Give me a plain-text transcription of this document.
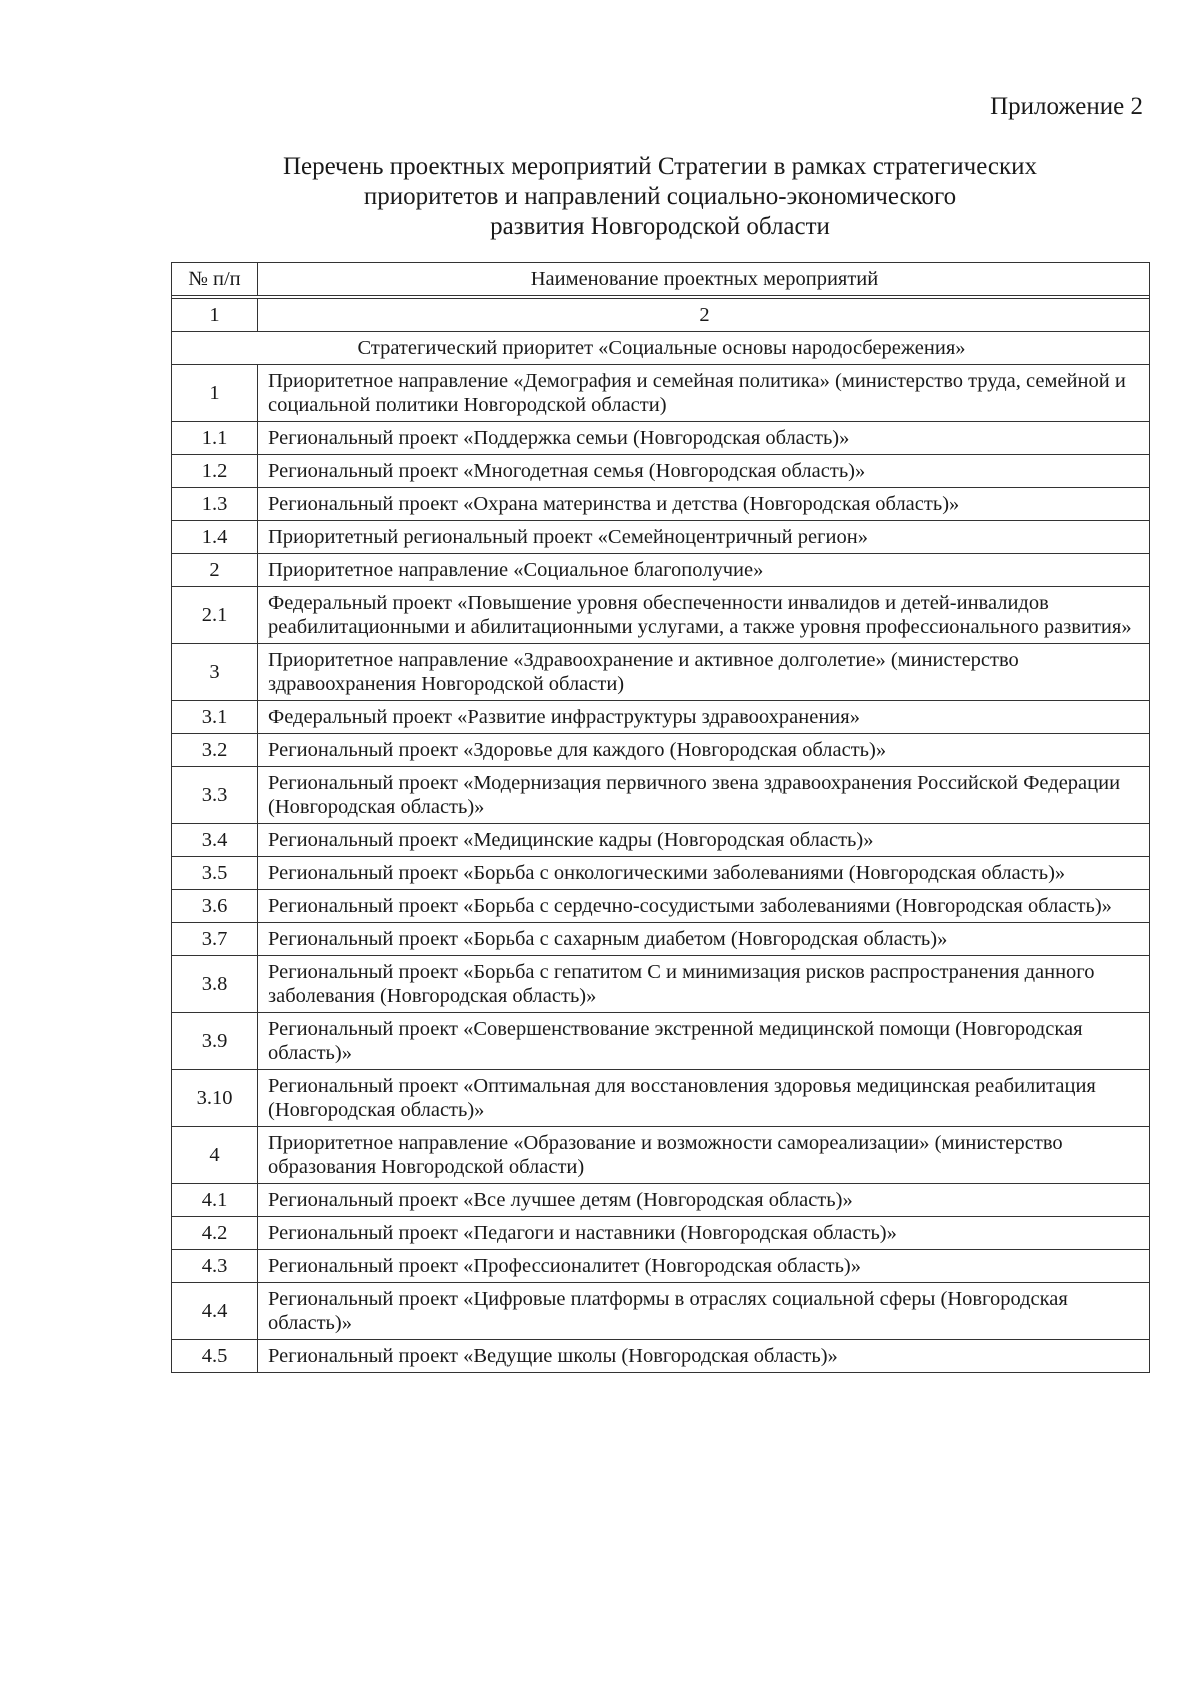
Приложение 2
Перечень проектных мероприятий Стратегии в рамках стратегических
приоритетов и направлений социально-экономического
развития Новгородской области
№ п/п	Наименование проектных мероприятий

1	2
Стратегический приоритет «Социальные основы народосбережения»	
1	Приоритетное направление «Демография и семейная политика» (министерство труда, семейной и социальной политики Новгородской области)
1.1	Региональный проект «Поддержка семьи (Новгородская область)»
1.2	Региональный проект «Многодетная семья (Новгородская область)»
1.3	Региональный проект «Охрана материнства и детства (Новгородская область)»
1.4	Приоритетный региональный проект «Семейноцентричный регион»
2	Приоритетное направление «Социальное благополучие»
2.1	Федеральный проект «Повышение уровня обеспеченности инвалидов и детей-инвалидов реабилитационными и абилитационными услугами, а также уровня профессионального развития»
3	Приоритетное направление «Здравоохранение и активное долголетие» (министерство здравоохранения Новгородской области)
3.1	Федеральный проект «Развитие инфраструктуры здравоохранения»
3.2	Региональный проект «Здоровье для каждого (Новгородская область)»
3.3	Региональный проект «Модернизация первичного звена здравоохранения Российской Федерации (Новгородская область)»
3.4	Региональный проект «Медицинские кадры (Новгородская область)»
3.5	Региональный проект «Борьба с онкологическими заболеваниями (Новгородская область)»
3.6	Региональный проект «Борьба с сердечно-сосудистыми заболеваниями (Новгородская область)»
3.7	Региональный проект «Борьба с сахарным диабетом (Новгородская область)»
3.8	Региональный проект «Борьба с гепатитом С и минимизация рисков распространения данного заболевания (Новгородская область)»
3.9	Региональный проект «Совершенствование экстренной медицинской помощи (Новгородская область)»
3.10	Региональный проект «Оптимальная для восстановления здоровья медицинская реабилитация (Новгородская область)»
4	Приоритетное направление «Образование и возможности самореализации» (министерство образования Новгородской области)
4.1	Региональный проект «Все лучшее детям (Новгородская область)»
4.2	Региональный проект «Педагоги и наставники (Новгородская область)»
4.3	Региональный проект «Профессионалитет (Новгородская область)»
4.4	Региональный проект «Цифровые платформы в отраслях социальной сферы (Новгородская область)»
4.5	Региональный проект «Ведущие школы (Новгородская область)»
